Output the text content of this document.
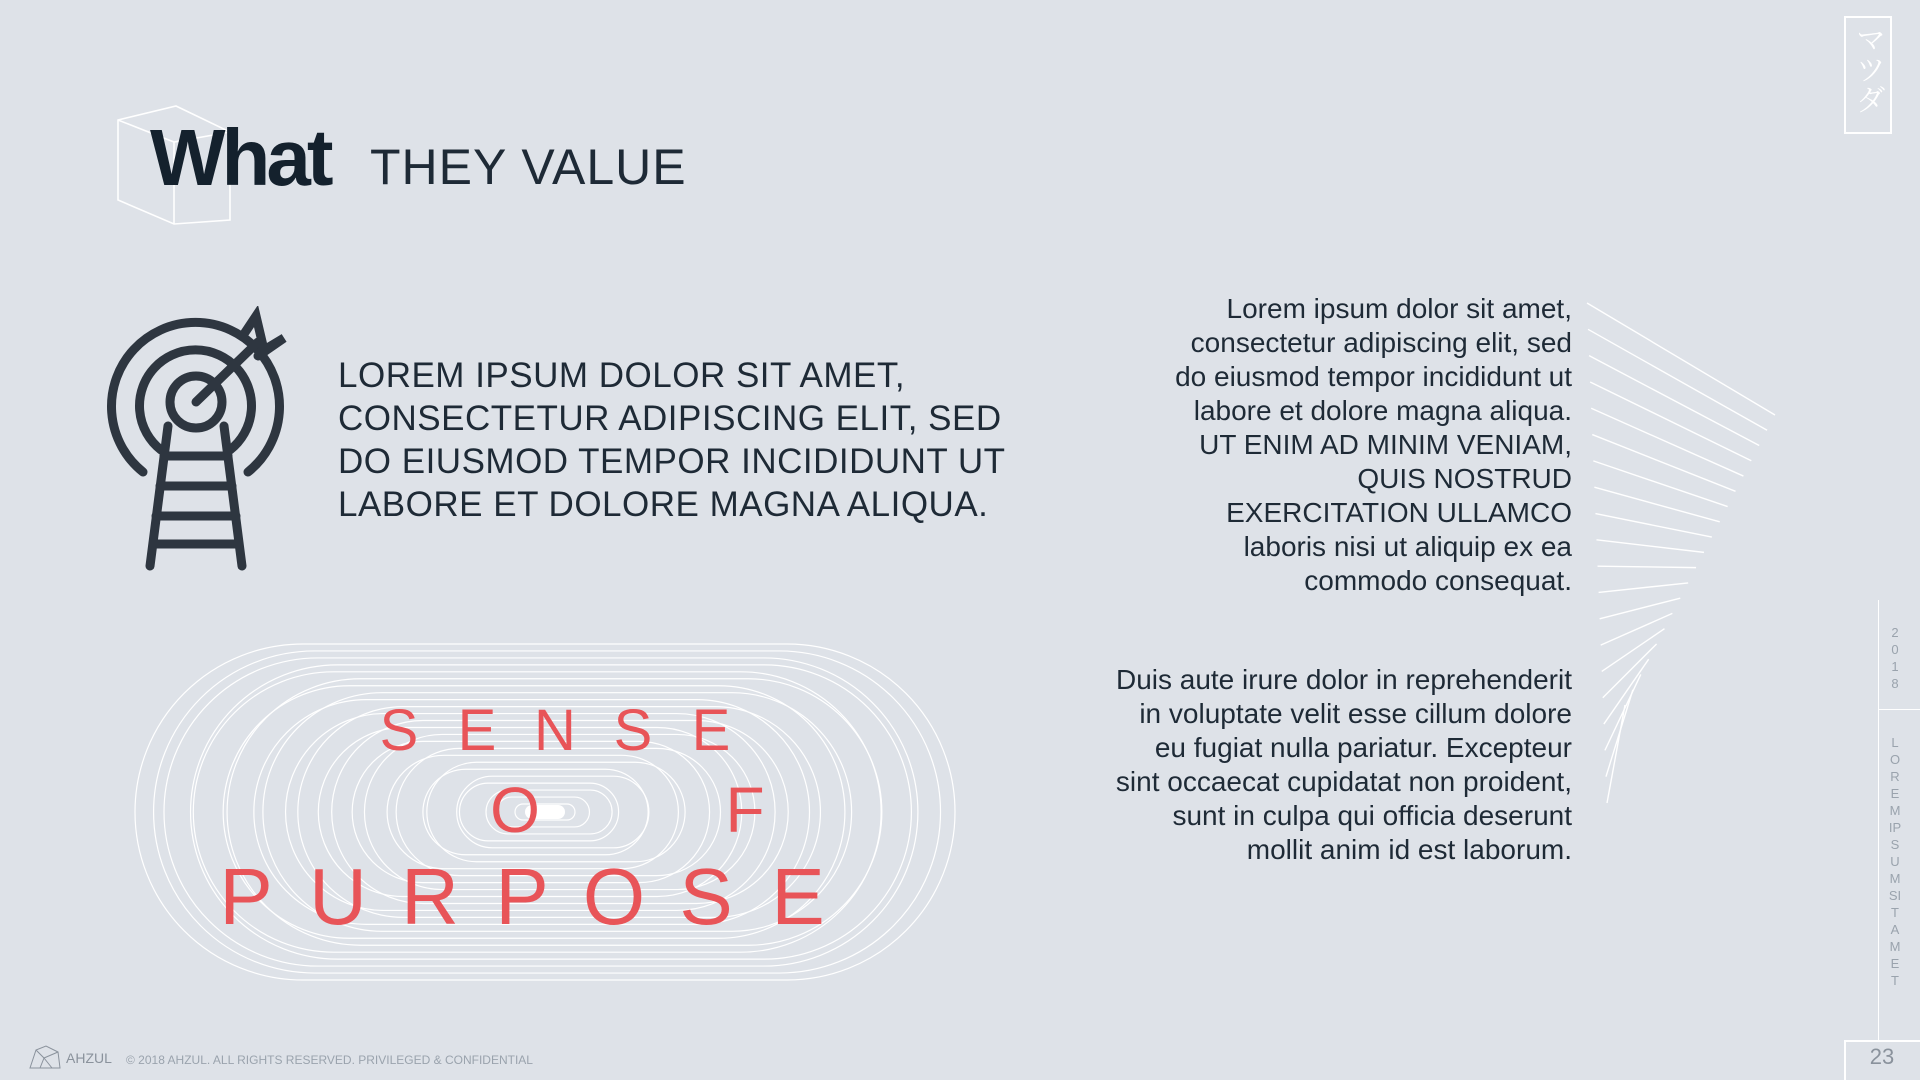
What THEY VALUE
マツダ
LOREM IPSUM DOLOR SIT AMET, CONSECTETUR ADIPISCING ELIT, SED DO EIUSMOD TEMPOR INCIDIDUNT UT LABORE ET DOLORE MAGNA ALIQUA.
S E N S E
O	F
P U R P O S E
Lorem ipsum dolor sit amet, consectetur adipiscing elit, sed do eiusmod tempor incididunt ut labore et dolore magna aliqua. UT ENIM AD MINIM VENIAM, QUIS NOSTRUD EXERCITATION ULLAMCO laboris nisi ut aliquip ex ea commodo consequat.
Duis aute irure dolor in reprehenderit in voluptate velit esse cillum dolore eu fugiat nulla pariatur. Excepteur sint occaecat cupidatat non proident, sunt in culpa qui officia deserunt mollit anim id est laborum.
2018
LOREM IPSUM SIT AMET
23
AHZUL © 2018 AHZUL. ALL RIGHTS RESERVED. PRIVILEGED & CONFIDENTIAL
